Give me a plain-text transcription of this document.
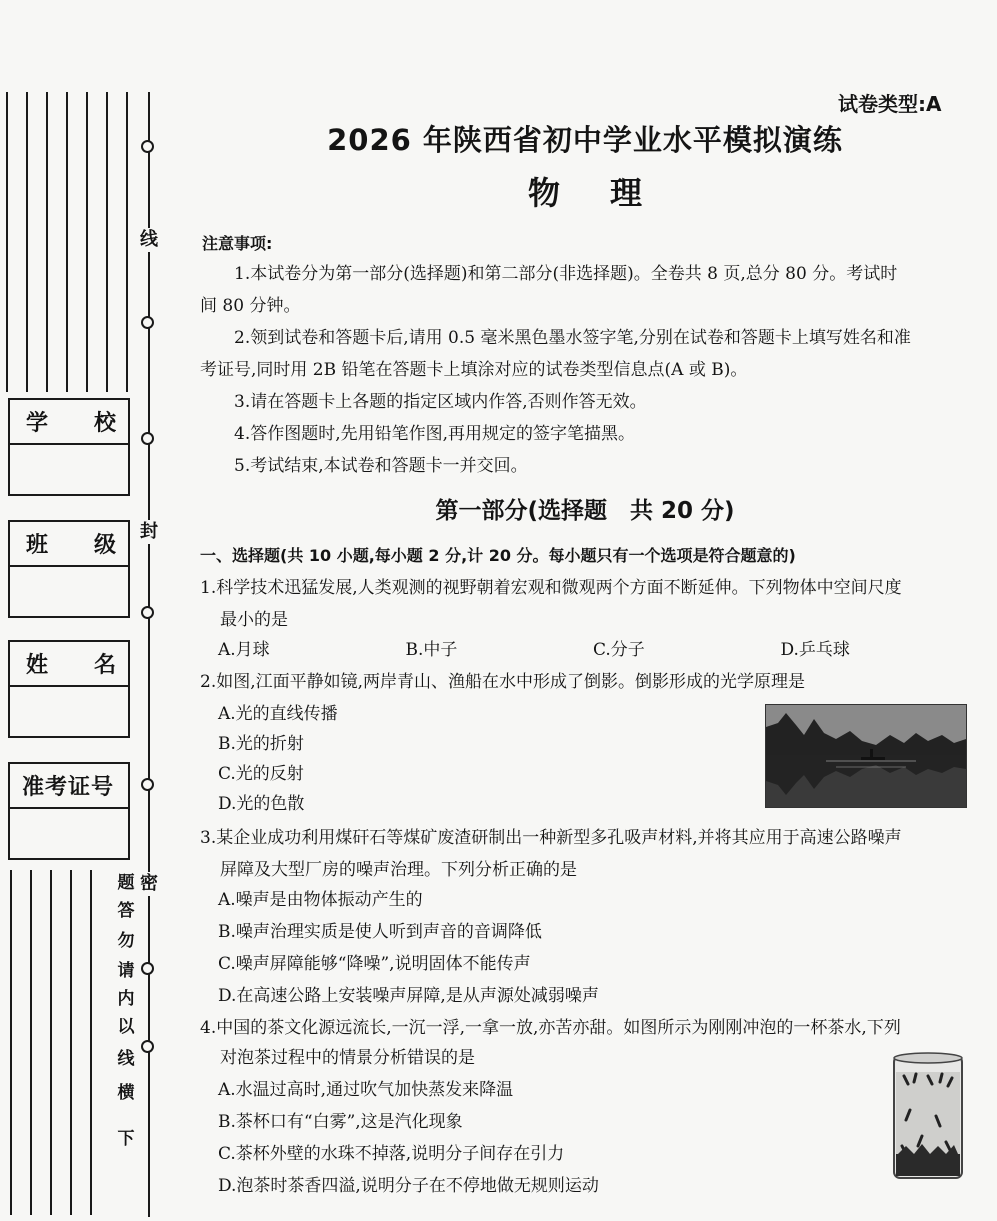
线
封
密
下
横
线
以
内
请
勿
答
题
学 校
班 级
姓 名
准考证号
试卷类型:A
2026 年陕西省初中学业水平模拟演练
物 理
注意事项:
1.本试卷分为第一部分(选择题)和第二部分(非选择题)。全卷共 8 页,总分 80 分。考试时
间 80 分钟。
2.领到试卷和答题卡后,请用 0.5 毫米黑色墨水签字笔,分别在试卷和答题卡上填写姓名和准
考证号,同时用 2B 铅笔在答题卡上填涂对应的试卷类型信息点(A 或 B)。
3.请在答题卡上各题的指定区域内作答,否则作答无效。
4.答作图题时,先用铅笔作图,再用规定的签字笔描黑。
5.考试结束,本试卷和答题卡一并交回。
第一部分(选择题　共 20 分)
一、选择题(共 10 小题,每小题 2 分,计 20 分。每小题只有一个选项是符合题意的)
1.科学技术迅猛发展,人类观测的视野朝着宏观和微观两个方面不断延伸。下列物体中空间尺度
最小的是
A.月球	B.中子	C.分子	D.乒乓球
2.如图,江面平静如镜,两岸青山、渔船在水中形成了倒影。倒影形成的光学原理是
A.光的直线传播
B.光的折射
C.光的反射
D.光的色散
3.某企业成功利用煤矸石等煤矿废渣研制出一种新型多孔吸声材料,并将其应用于高速公路噪声
屏障及大型厂房的噪声治理。下列分析正确的是
A.噪声是由物体振动产生的
B.噪声治理实质是使人听到声音的音调降低
C.噪声屏障能够“降噪”,说明固体不能传声
D.在高速公路上安装噪声屏障,是从声源处减弱噪声
4.中国的茶文化源远流长,一沉一浮,一拿一放,亦苦亦甜。如图所示为刚刚冲泡的一杯茶水,下列
对泡茶过程中的情景分析错误的是
A.水温过高时,通过吹气加快蒸发来降温
B.茶杯口有“白雾”,这是汽化现象
C.茶杯外壁的水珠不掉落,说明分子间存在引力
D.泡茶时茶香四溢,说明分子在不停地做无规则运动
